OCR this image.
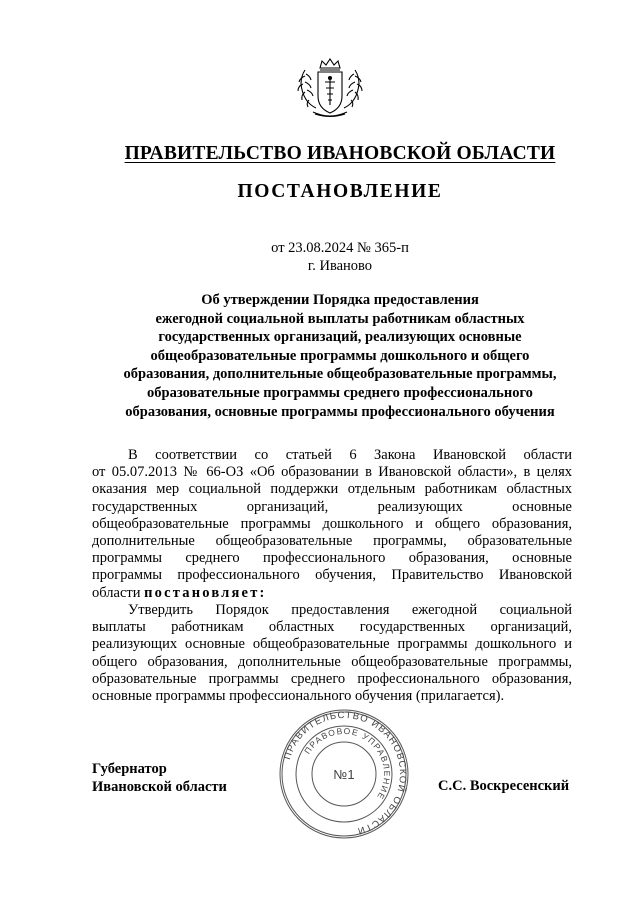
ПРАВИТЕЛЬСТВО ИВАНОВСКОЙ ОБЛАСТИ
ПОСТАНОВЛЕНИЕ
от 23.08.2024 № 365-п
г. Иваново
Об утверждении Порядка предоставления
ежегодной социальной выплаты работникам областных
государственных организаций, реализующих основные
общеобразовательные программы дошкольного и общего
образования, дополнительные общеобразовательные программы,
образовательные программы среднего профессионального
образования, основные программы профессионального обучения
В соответствии со статьей 6 Закона Ивановской области
от 05.07.2013 № 66-ОЗ «Об образовании в Ивановской области», в целях
оказания мер социальной поддержки отдельным работникам областных
государственных организаций, реализующих основные
общеобразовательные программы дошкольного и общего образования,
дополнительные общеобразовательные программы, образовательные
программы среднего профессионального образования, основные
программы профессионального обучения, Правительство Ивановской
области постановляет:
Утвердить Порядок предоставления ежегодной социальной
выплаты работникам областных государственных организаций,
реализующих основные общеобразовательные программы дошкольного и
общего образования, дополнительные общеобразовательные программы,
образовательные программы среднего профессионального образования,
основные программы профессионального обучения (прилагается).
Губернатор
Ивановской области	С.С. Воскресенский
ПРАВИТЕЛЬСТВО ИВАНОВСКОЙ ОБЛАСТИ
ПРАВОВОЕ УПРАВЛЕНИЕ
№1
